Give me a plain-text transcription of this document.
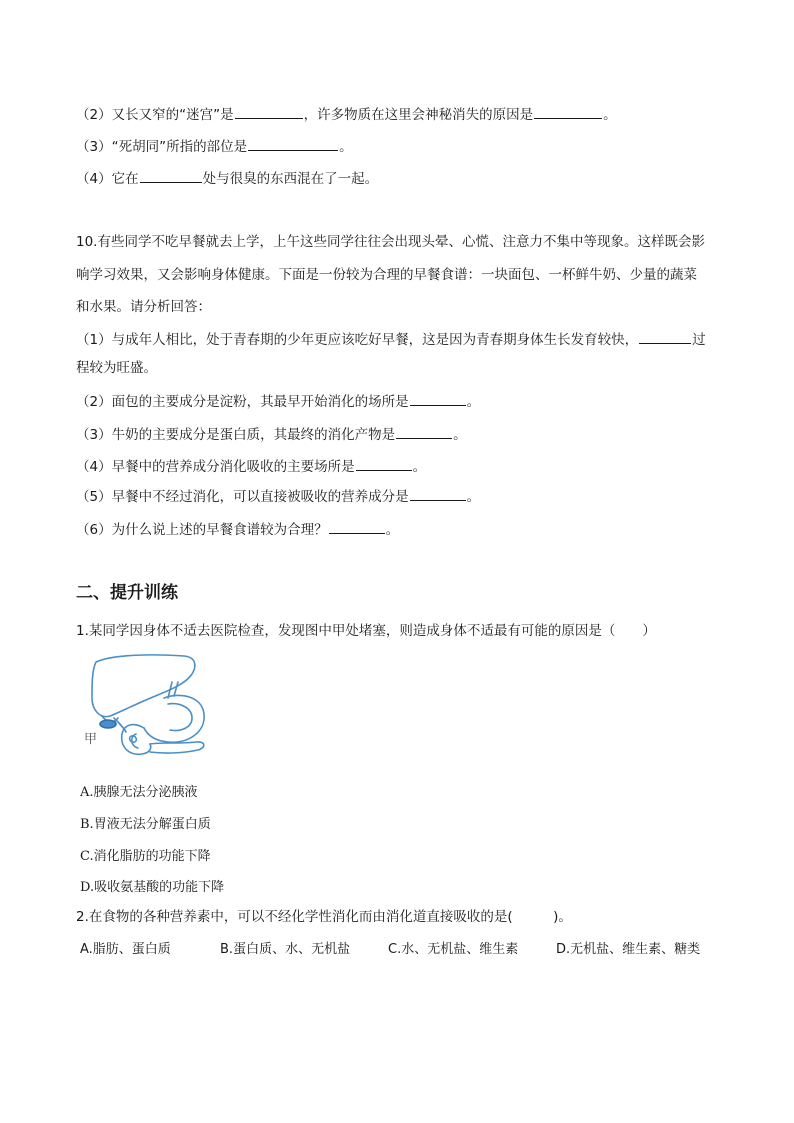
（2）又长又窄的“迷宫”是	，许多物质在这里会神秘消失的原因是	。
（3）“死胡同”所指的部位是	。
（4）它在	处与很臭的东西混在了一起。
10.有些同学不吃早餐就去上学，上午这些同学往往会出现头晕、心慌、注意力不集中等现象。这样既会影
响学习效果，又会影响身体健康。下面是一份较为合理的早餐食谱：一块面包、一杯鲜牛奶、少量的蔬菜
和水果。请分析回答：
（1）与成年人相比，处于青春期的少年更应该吃好早餐，这是因为青春期身体生长发育较快，	过
程较为旺盛。
（2）面包的主要成分是淀粉，其最早开始消化的场所是	。
（3）牛奶的主要成分是蛋白质，其最终的消化产物是	。
（4）早餐中的营养成分消化吸收的主要场所是	。
（5）早餐中不经过消化，可以直接被吸收的营养成分是	。
（6）为什么说上述的早餐食谱较为合理？	。
二、提升训练
1.某同学因身体不适去医院检查，发现图中甲处堵塞，则造成身体不适最有可能的原因是（　　）
甲
A.胰腺无法分泌胰液
B.胃液无法分解蛋白质
C.消化脂肪的功能下降
D.吸收氨基酸的功能下降
2.在食物的各种营养素中，可以不经化学性消化而由消化道直接吸收的是(　　　)。
A.脂肪、蛋白质	B.蛋白质、水、无机盐	C.水、无机盐、维生素	D.无机盐、维生素、糖类
